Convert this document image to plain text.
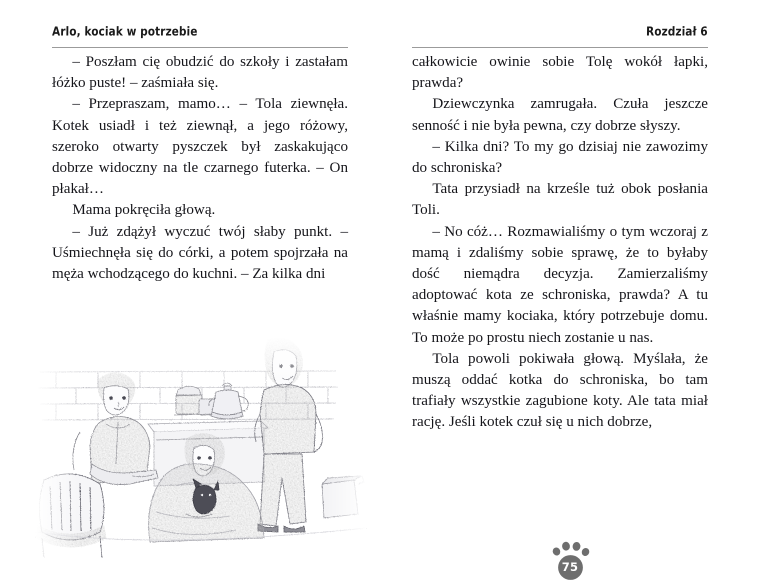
Arlo, kociak w potrzebie

– Poszłam cię obudzić do szkoły i zastałam łóżko puste! – zaśmiała się.

– Przepraszam, mamo… – Tola ziewnęła. Kotek usiadł i też ziewnął, a jego różowy, szeroko otwarty pyszczek był zaskakująco dobrze widoczny na tle czarnego futerka. – On płakał…

Mama pokręciła głową.

– Już zdążył wyczuć twój słaby punkt. – Uśmiechnęła się do córki, a potem spojrzała na męża wchodzącego do kuchni. – Za kilka dni

Rozdział 6

całkowicie owinie sobie Tolę wokół łapki, prawda?

Dziewczynka zamrugała. Czuła jeszcze senność i nie była pewna, czy dobrze słyszy.

– Kilka dni? To my go dzisiaj nie zawozimy do schroniska?

Tata przysiadł na krześle tuż obok posłania Toli.

– No cóż… Rozmawialiśmy o tym wczoraj z mamą i zdaliśmy sobie sprawę, że to byłaby dość niemądra decyzja. Zamierzaliśmy adoptować kota ze schroniska, prawda? A tu właśnie mamy kociaka, który potrzebuje domu. To może po prostu niech zostanie u nas.

Tola powoli pokiwała głową. Myślała, że muszą oddać kotka do schroniska, bo tam trafiały wszystkie zagubione koty. Ale tata miał rację. Jeśli kotek czuł się u nich dobrze,

75
